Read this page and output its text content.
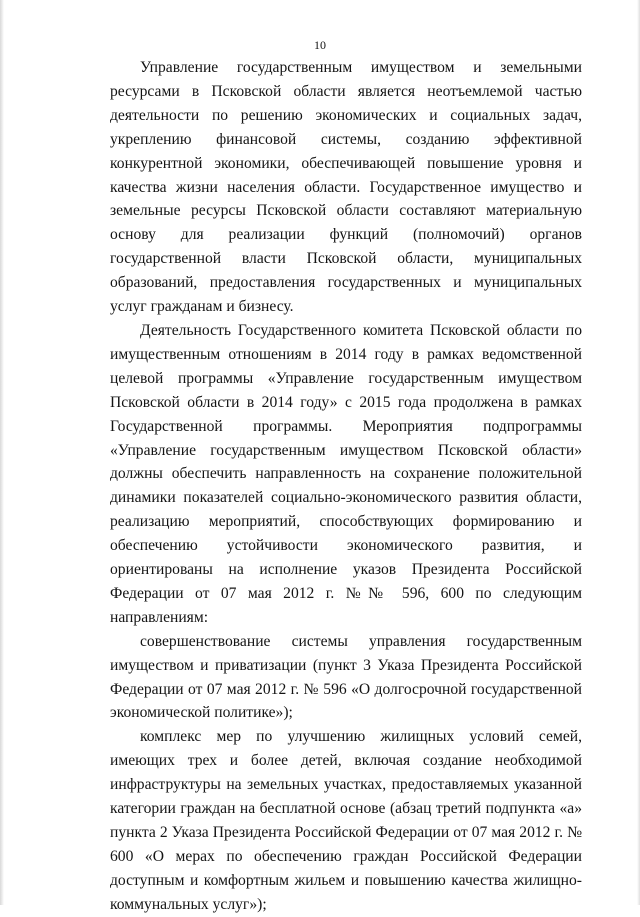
10

Управление государственным имуществом и земельными ресурсами в Псковской области является неотъемлемой частью деятельности по решению экономических и социальных задач, укреплению финансовой системы, созданию эффективной конкурентной экономики, обеспечивающей повышение уровня и качества жизни населения области. Государственное имущество и земельные ресурсы Псковской области составляют материальную основу для реализации функций (полномочий) органов государственной власти Псковской области, муниципальных образований, предоставления государственных и муниципальных услуг гражданам и бизнесу.

Деятельность Государственного комитета Псковской области по имущественным отношениям в 2014 году в рамках ведомственной целевой программы «Управление государственным имуществом Псковской области в 2014 году» с 2015 года продолжена в рамках Государственной программы. Мероприятия подпрограммы «Управление государственным имуществом Псковской области» должны обеспечить направленность на сохранение положительной динамики показателей социально-экономического развития области, реализацию мероприятий, способствующих формированию и обеспечению устойчивости экономического развития, и ориентированы на исполнение указов Президента Российской Федерации от 07 мая 2012 г. №№ 596, 600 по следующим направлениям:

совершенствование системы управления государственным имуществом и приватизации (пункт 3 Указа Президента Российской Федерации от 07 мая 2012 г. № 596 «О долгосрочной государственной экономической политике»);

комплекс мер по улучшению жилищных условий семей, имеющих трех и более детей, включая создание необходимой инфраструктуры на земельных участках, предоставляемых указанной категории граждан на бесплатной основе (абзац третий подпункта «а» пункта 2 Указа Президента Российской Федерации от 07 мая 2012 г. № 600 «О мерах по обеспечению граждан Российской Федерации доступным и комфортным жильем и повышению качества жилищно-коммунальных услуг»);
